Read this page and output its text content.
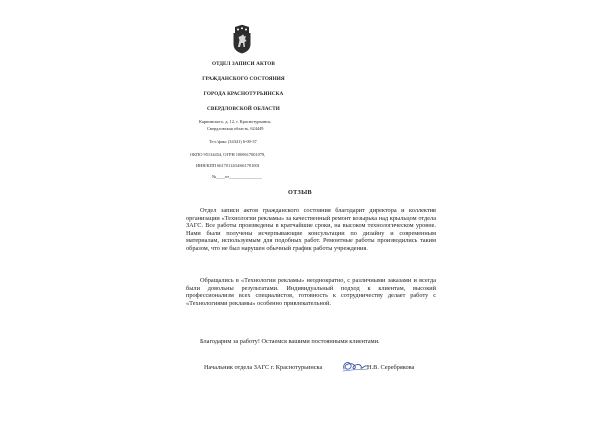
ОТДЕЛ ЗАПИСИ АКТОВ
ГРАЖДАНСКОГО СОСТОЯНИЯ
ГОРОДА КРАСНОТУРЬИНСКА
СВЕРДЛОВСКОЙ ОБЛАСТИ
Карпинского, д. 12, г. Краснотурьинск,
Свердловская область, 624449
Тел./факс (34341) 6-00-37
ОКПО 95134454, ОГРН 1069617001079,
ИНН/КПП 6617011204/661701001
№____от_______________
ОТЗЫВ
Отдел записи актов гражданского состояния благодарит директора и коллектив организации «Технологии рекламы» за качественный ремонт козырька над крыльцом отдела ЗАГС. Все работы произведены в кратчайшие сроки, на высоком технологическом уровне. Нами были получены исчерпывающие консультации по дизайну и современным материалам, используемым для подобных работ. Ремонтные работы производились таким образом, что не был нарушен обычный график работы учреждения.
Обращались в «Технологии рекламы» неоднократно, с различными заказами и всегда были довольны результатами. Индивидуальный подход к клиентам, высокий профессионализм всех специалистов, готовность к сотрудничеству делает работу с «Технологиями рекламы» особенно привлекательной.
Благодарим за работу! Остаемся вашими постоянными клиентами.
Начальник отдела ЗАГС г. Краснотурьинска	Н.В. Серебрякова
